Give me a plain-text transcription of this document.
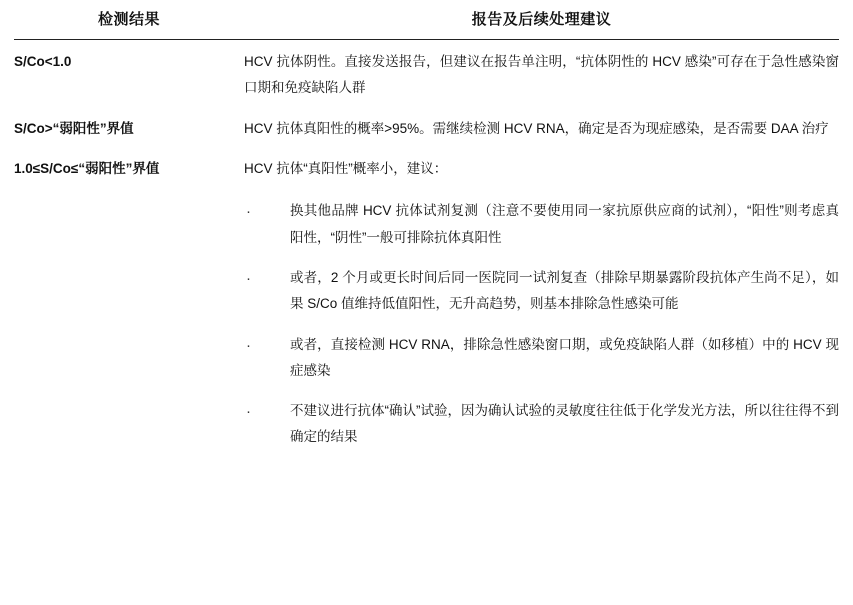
检测结果	报告及后续处理建议
S/Co<1.0	HCV 抗体阴性。直接发送报告，但建议在报告单注明，“抗体阴性的 HCV 感染”可存在于急性感染窗口期和免疫缺陷人群

S/Co>“弱阳性”界值	HCV 抗体真阳性的概率>95%。需继续检测 HCV RNA，确定是否为现症感染，是否需要 DAA 治疗

1.0≤S/Co≤“弱阳性”界值	HCV 抗体“真阳性”概率小，建议：
·	换其他品牌 HCV 抗体试剂复测（注意不要使用同一家抗原供应商的试剂），“阳性”则考虑真阳性，“阴性”一般可排除抗体真阳性
·	或者，2 个月或更长时间后同一医院同一试剂复查（排除早期暴露阶段抗体产生尚不足），如果 S/Co 值维持低值阳性，无升高趋势，则基本排除急性感染可能
·	或者，直接检测 HCV RNA，排除急性感染窗口期，或免疫缺陷人群（如移植）中的 HCV 现症感染
·	不建议进行抗体“确认”试验，因为确认试验的灵敏度往往低于化学发光方法，所以往往得不到确定的结果
